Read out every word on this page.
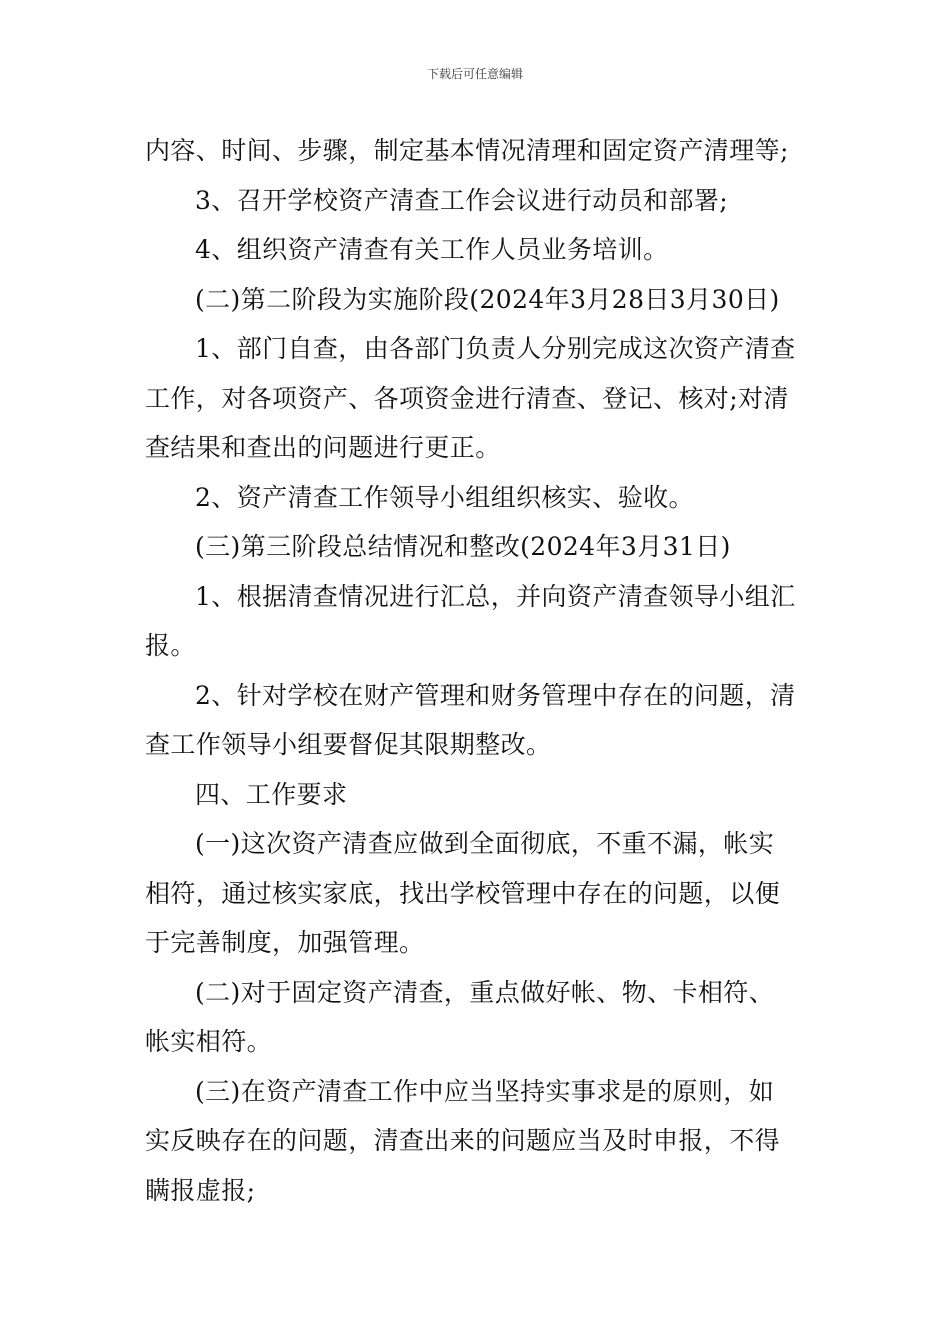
下载后可任意编辑
内容、时间、步骤，制定基本情况清理和固定资产清理等;
3、召开学校资产清查工作会议进行动员和部署;
4、组织资产清查有关工作人员业务培训。
(二)第二阶段为实施阶段(2024年3月28日3月30日)
1、部门自查，由各部门负责人分别完成这次资产清查
工作，对各项资产、各项资金进行清查、登记、核对;对清
查结果和查出的问题进行更正。
2、资产清查工作领导小组组织核实、验收。
(三)第三阶段总结情况和整改(2024年3月31日)
1、根据清查情况进行汇总，并向资产清查领导小组汇
报。
2、针对学校在财产管理和财务管理中存在的问题，清
查工作领导小组要督促其限期整改。
四、工作要求
(一)这次资产清查应做到全面彻底，不重不漏，帐实
相符，通过核实家底，找出学校管理中存在的问题，以便
于完善制度，加强管理。
(二)对于固定资产清查，重点做好帐、物、卡相符、
帐实相符。
(三)在资产清查工作中应当坚持实事求是的原则，如
实反映存在的问题，清查出来的问题应当及时申报，不得
瞒报虚报;
